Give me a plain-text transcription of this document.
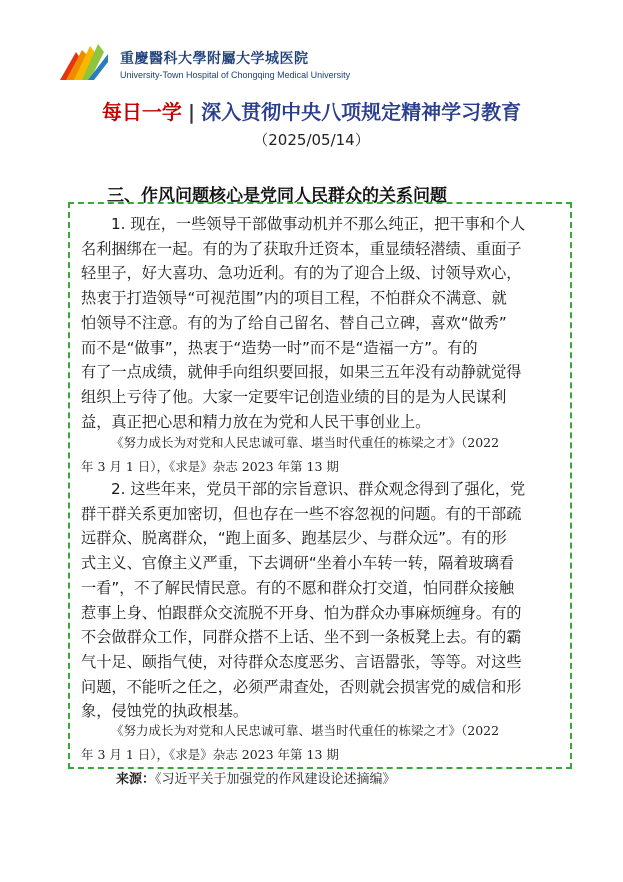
重慶醫科大學附屬大学城医院
University-Town Hospital of Chongqing Medical University
每日一学 | 深入贯彻中央八项规定精神学习教育
（2025/05/14）
三、作风问题核心是党同人民群众的关系问题
1. 现在，一些领导干部做事动机并不那么纯正，把干事和个人
名利捆绑在一起。有的为了获取升迁资本，重显绩轻潜绩、重面子
轻里子，好大喜功、急功近利。有的为了迎合上级、讨领导欢心，
热衷于打造领导“可视范围”内的项目工程，不怕群众不满意、就
怕领导不注意。有的为了给自己留名、替自己立碑，喜欢“做秀”
而不是“做事”，热衷于“造势一时”而不是“造福一方”。有的
有了一点成绩，就伸手向组织要回报，如果三五年没有动静就觉得
组织上亏待了他。大家一定要牢记创造业绩的目的是为人民谋利
益，真正把心思和精力放在为党和人民干事创业上。
《努力成长为对党和人民忠诚可靠、堪当时代重任的栋梁之才》（2022
年 3 月 1 日），《求是》杂志 2023 年第 13 期
2. 这些年来，党员干部的宗旨意识、群众观念得到了强化，党
群干群关系更加密切，但也存在一些不容忽视的问题。有的干部疏
远群众、脱离群众，“跑上面多、跑基层少、与群众远”。有的形
式主义、官僚主义严重，下去调研“坐着小车转一转，隔着玻璃看
一看”，不了解民情民意。有的不愿和群众打交道，怕同群众接触
惹事上身、怕跟群众交流脱不开身、怕为群众办事麻烦缠身。有的
不会做群众工作，同群众搭不上话、坐不到一条板凳上去。有的霸
气十足、颐指气使，对待群众态度恶劣、言语嚣张，等等。对这些
问题，不能听之任之，必须严肃查处，否则就会损害党的威信和形
象，侵蚀党的执政根基。
《努力成长为对党和人民忠诚可靠、堪当时代重任的栋梁之才》（2022
年 3 月 1 日），《求是》杂志 2023 年第 13 期
来源：《习近平关于加强党的作风建设论述摘编》
